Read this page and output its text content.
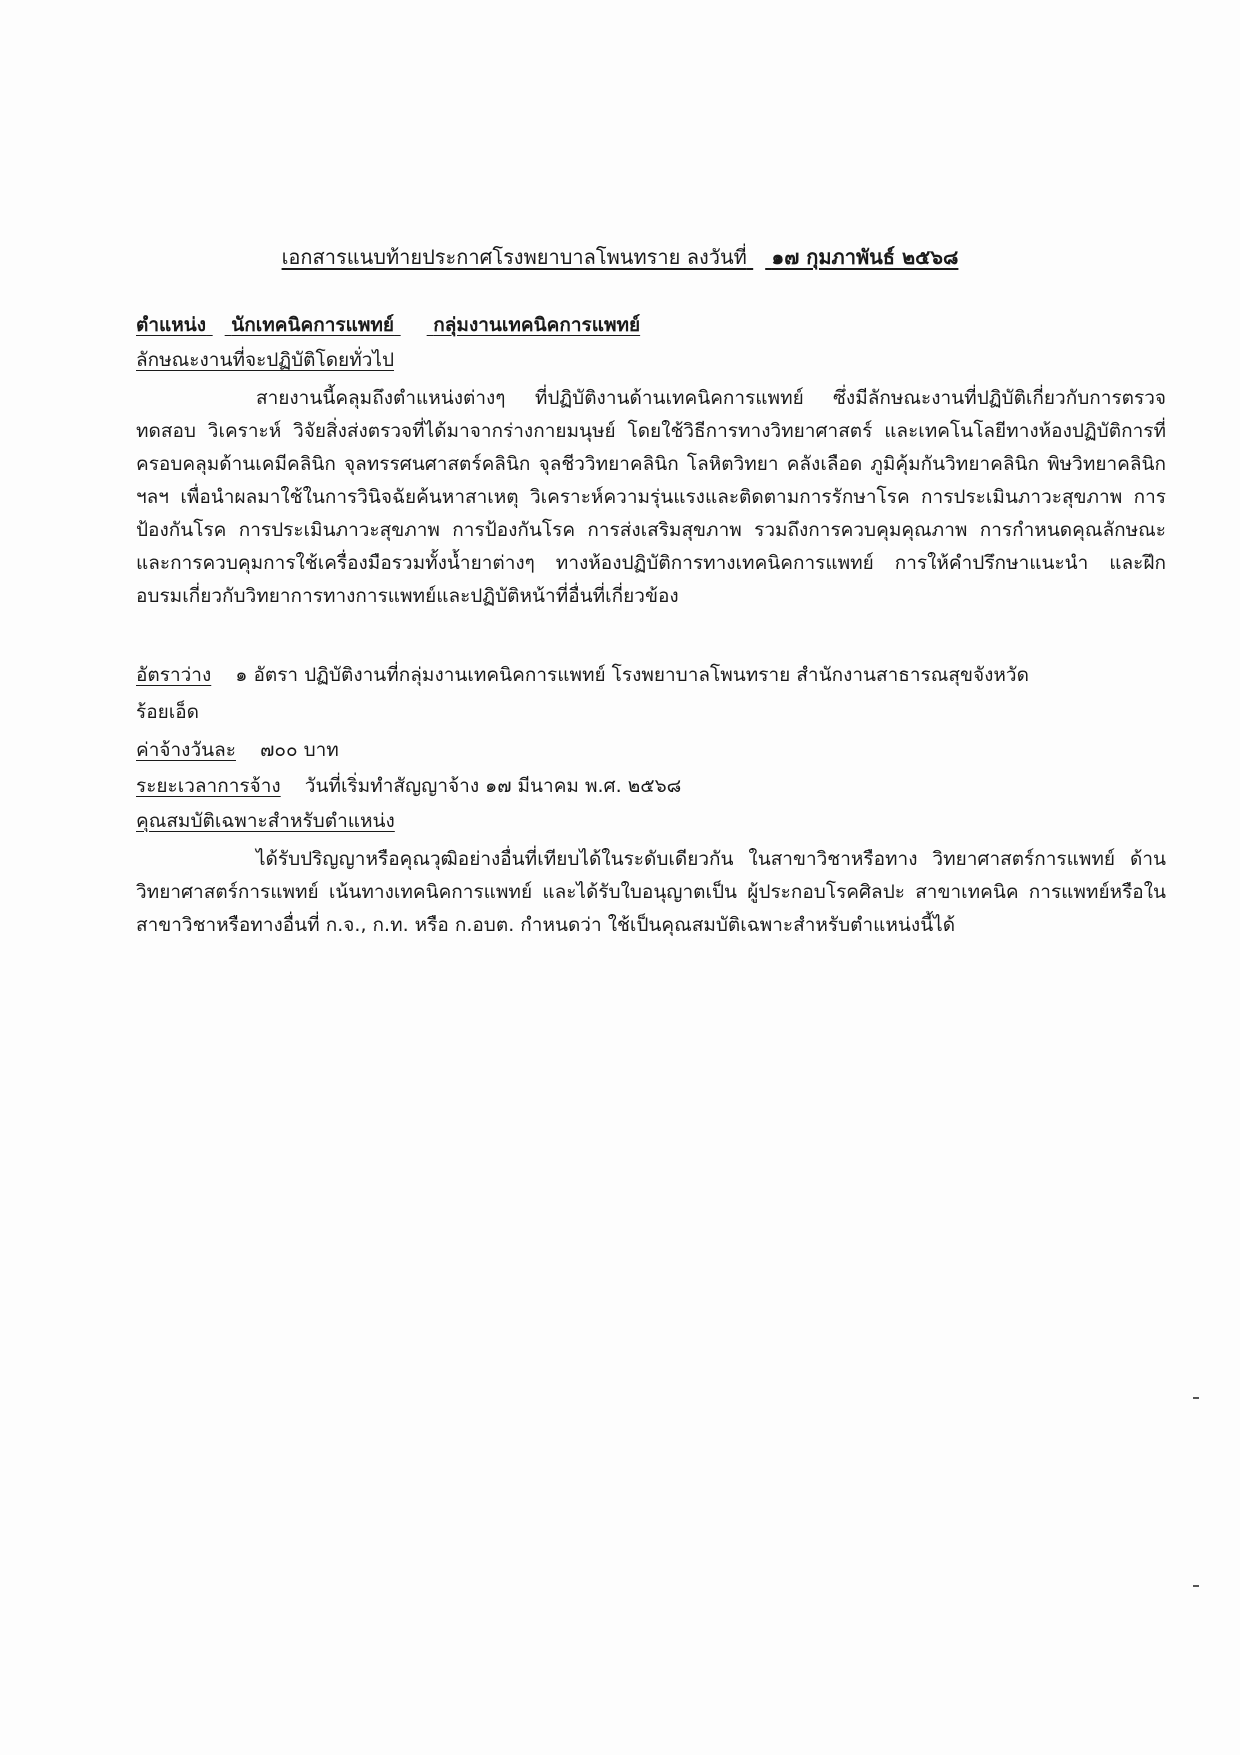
เอกสารแนบท้ายประกาศโรงพยาบาลโพนทราย ลงวันที่ ๑๗ กุมภาพันธ์ ๒๕๖๘
ตำแหน่ง นักเทคนิคการแพทย์ กลุ่มงานเทคนิคการแพทย์
ลักษณะงานที่จะปฏิบัติโดยทั่วไป
สายงานนี้คลุมถึงตำแหน่งต่างๆ ที่ปฏิบัติงานด้านเทคนิคการแพทย์ ซึ่งมีลักษณะงานที่ปฏิบัติเกี่ยวกับการตรวจ ทดสอบ วิเคราะห์ วิจัยสิ่งส่งตรวจที่ได้มาจากร่างกายมนุษย์ โดยใช้วิธีการทางวิทยาศาสตร์ และเทคโนโลยีทางห้องปฏิบัติการที่ครอบคลุมด้านเคมีคลินิก จุลทรรศนศาสตร์คลินิก จุลชีววิทยาคลินิก โลหิตวิทยา คลังเลือด ภูมิคุ้มกันวิทยาคลินิก พิษวิทยาคลินิก ฯลฯ เพื่อนำผลมาใช้ในการวินิจฉัยค้นหาสาเหตุ วิเคราะห์ความรุ่นแรงและติดตามการรักษาโรค การประเมินภาวะสุขภาพ การป้องกันโรค การประเมินภาวะสุขภาพ การป้องกันโรค การส่งเสริมสุขภาพ รวมถึงการควบคุมคุณภาพ การกำหนดคุณลักษณะ และการควบคุมการใช้เครื่องมือรวมทั้งน้ำยาต่างๆ ทางห้องปฏิบัติการทางเทคนิคการแพทย์ การให้คำปรึกษาแนะนำ และฝึกอบรมเกี่ยวกับวิทยาการทางการแพทย์และปฏิบัติหน้าที่อื่นที่เกี่ยวข้อง
อัตราว่าง ๑ อัตรา ปฏิบัติงานที่กลุ่มงานเทคนิคการแพทย์ โรงพยาบาลโพนทราย สำนักงานสาธารณสุขจังหวัด
ร้อยเอ็ด
ค่าจ้างวันละ ๗๐๐ บาท
ระยะเวลาการจ้าง วันที่เริ่มทำสัญญาจ้าง ๑๗ มีนาคม พ.ศ. ๒๕๖๘
คุณสมบัติเฉพาะสำหรับตำแหน่ง
ได้รับปริญญาหรือคุณวุฒิอย่างอื่นที่เทียบได้ในระดับเดียวกัน ในสาขาวิชาหรือทาง วิทยาศาสตร์การแพทย์ ด้านวิทยาศาสตร์การแพทย์ เน้นทางเทคนิคการแพทย์ และได้รับใบอนุญาตเป็น ผู้ประกอบโรคศิลปะ สาขาเทคนิค การแพทย์หรือในสาขาวิชาหรือทางอื่นที่ ก.จ., ก.ท. หรือ ก.อบต. กำหนดว่า ใช้เป็นคุณสมบัติเฉพาะสำหรับตำแหน่งนี้ได้
